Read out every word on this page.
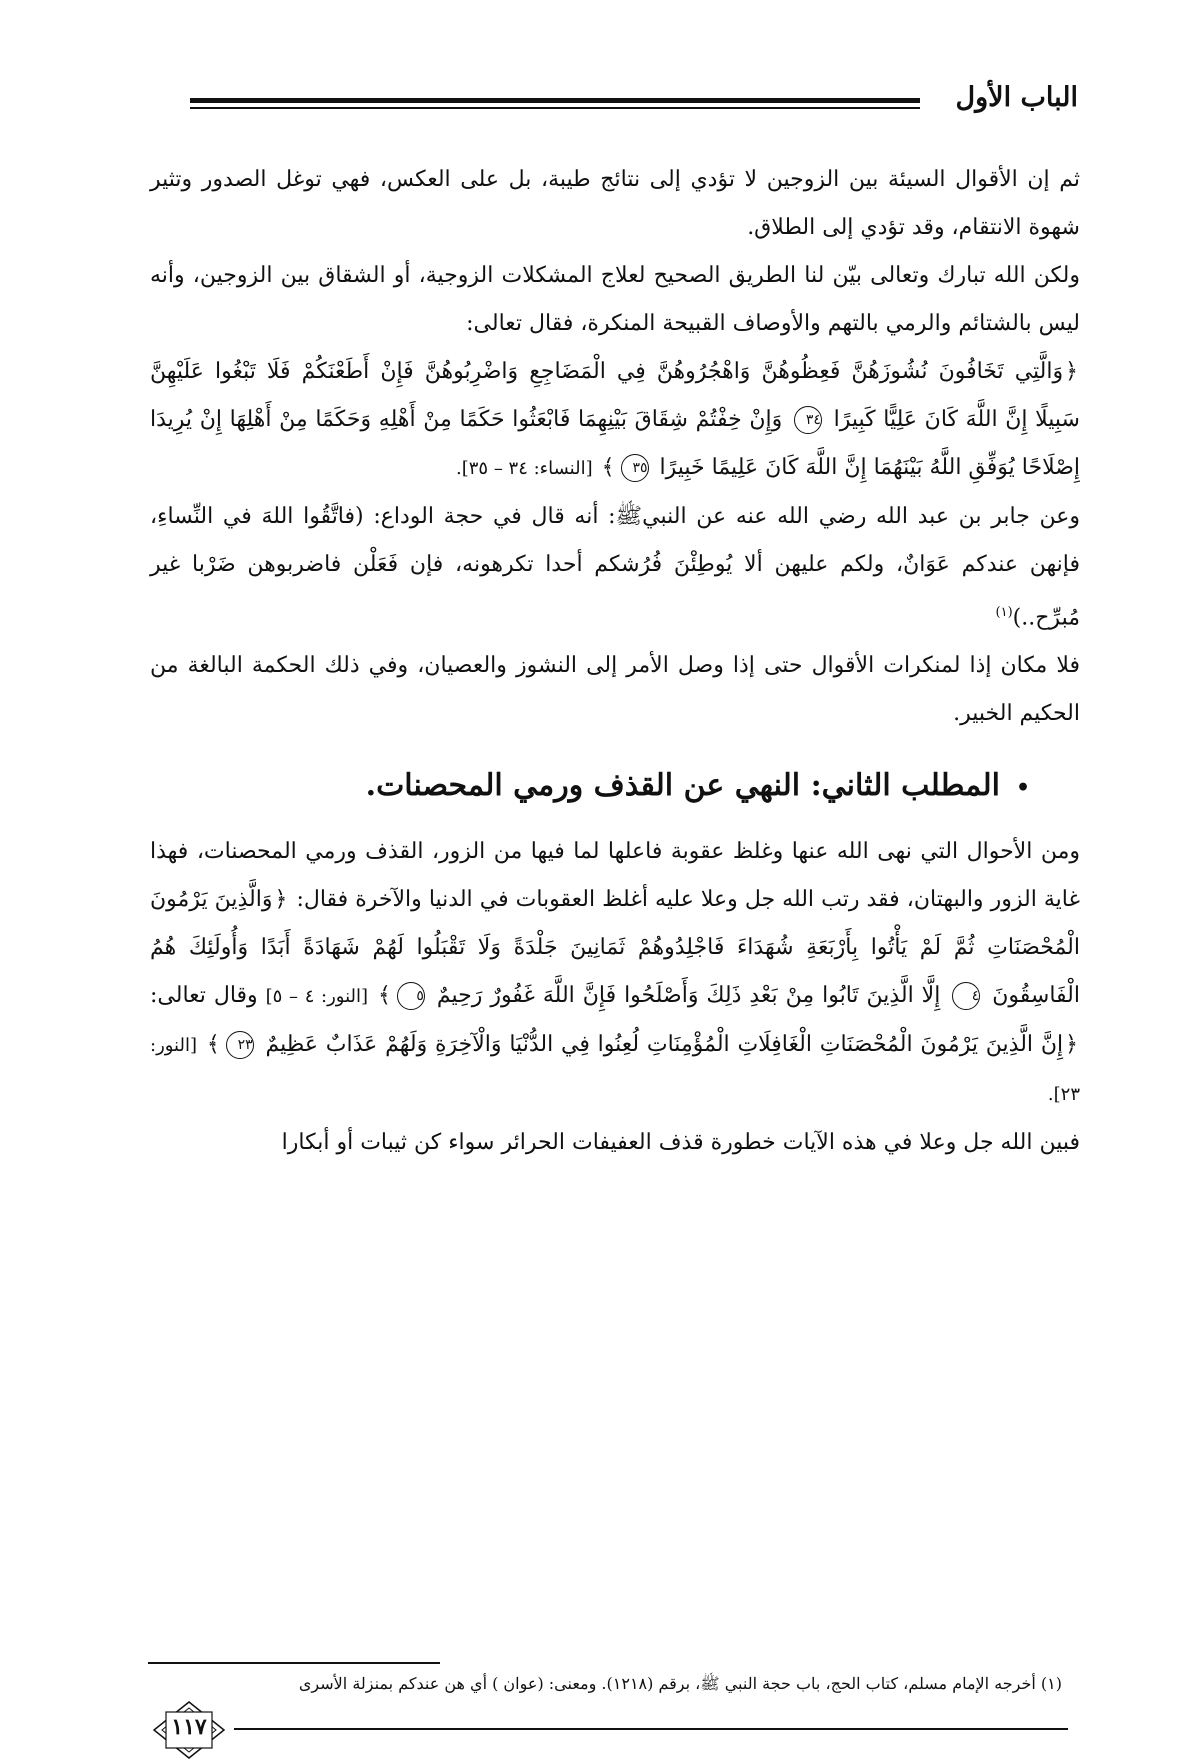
الباب الأول

ثم إن الأقوال السيئة بين الزوجين لا تؤدي إلى نتائج طيبة، بل على العكس، فهي توغل الصدور وتثير شهوة الانتقام، وقد تؤدي إلى الطلاق.

ولكن الله تبارك وتعالى بيّن لنا الطريق الصحيح لعلاج المشكلات الزوجية، أو الشقاق بين الزوجين، وأنه ليس بالشتائم والرمي بالتهم والأوصاف القبيحة المنكرة، فقال تعالى:

﴿وَالَّتِي تَخَافُونَ نُشُوزَهُنَّ فَعِظُوهُنَّ وَاهْجُرُوهُنَّ فِي الْمَضَاجِعِ وَاضْرِبُوهُنَّ فَإِنْ أَطَعْنَكُمْ فَلَا تَبْغُوا عَلَيْهِنَّ سَبِيلًا إِنَّ اللَّهَ كَانَ عَلِيًّا كَبِيرًا ٣٤ وَإِنْ خِفْتُمْ شِقَاقَ بَيْنِهِمَا فَابْعَثُوا حَكَمًا مِنْ أَهْلِهِ وَحَكَمًا مِنْ أَهْلِهَا إِنْ يُرِيدَا إِصْلَاحًا يُوَفِّقِ اللَّهُ بَيْنَهُمَا إِنَّ اللَّهَ كَانَ عَلِيمًا خَبِيرًا ٣٥﴾ [النساء: ٣٤ – ٣٥].

وعن جابر بن عبد الله رضي الله عنه عن النبيﷺ: أنه قال في حجة الوداع: (فاتَّقُوا اللهَ في النِّساءِ، فإنهن عندكم عَوَانٌ، ولكم عليهن ألا يُوطِئْنَ فُرُشكم أحدا تكرهونه، فإن فَعَلْن فاضربوهن ضَرْبا غير مُبرِّح..)$^{(١)}$

فلا مكان إذا لمنكرات الأقوال حتى إذا وصل الأمر إلى النشوز والعصيان، وفي ذلك الحكمة البالغة من الحكيم الخبير.

•المطلب الثاني: النهي عن القذف ورمي المحصنات.

ومن الأحوال التي نهى الله عنها وغلظ عقوبة فاعلها لما فيها من الزور، القذف ورمي المحصنات، فهذا غاية الزور والبهتان، فقد رتب الله جل وعلا عليه أغلظ العقوبات في الدنيا والآخرة فقال: ﴿وَالَّذِينَ يَرْمُونَ الْمُحْصَنَاتِ ثُمَّ لَمْ يَأْتُوا بِأَرْبَعَةِ شُهَدَاءَ فَاجْلِدُوهُمْ ثَمَانِينَ جَلْدَةً وَلَا تَقْبَلُوا لَهُمْ شَهَادَةً أَبَدًا وَأُولَئِكَ هُمُ الْفَاسِقُونَ ٤ إِلَّا الَّذِينَ تَابُوا مِنْ بَعْدِ ذَلِكَ وَأَصْلَحُوا فَإِنَّ اللَّهَ غَفُورٌ رَحِيمٌ ٥﴾ [النور: ٤ – ٥] وقال تعالى: ﴿إِنَّ الَّذِينَ يَرْمُونَ الْمُحْصَنَاتِ الْغَافِلَاتِ الْمُؤْمِنَاتِ لُعِنُوا فِي الدُّنْيَا وَالْآخِرَةِ وَلَهُمْ عَذَابٌ عَظِيمٌ ٢٣﴾ [النور: ٢٣].

فبين الله جل وعلا في هذه الآيات خطورة قذف العفيفات الحرائر سواء كن ثيبات أو أبكارا

(١) أخرجه الإمام مسلم، كتاب الحج، باب حجة النبي ﷺ، برقم (١٢١٨). ومعنى: (عوان ) أي هن عندكم بمنزلة الأسرى
١١٧
